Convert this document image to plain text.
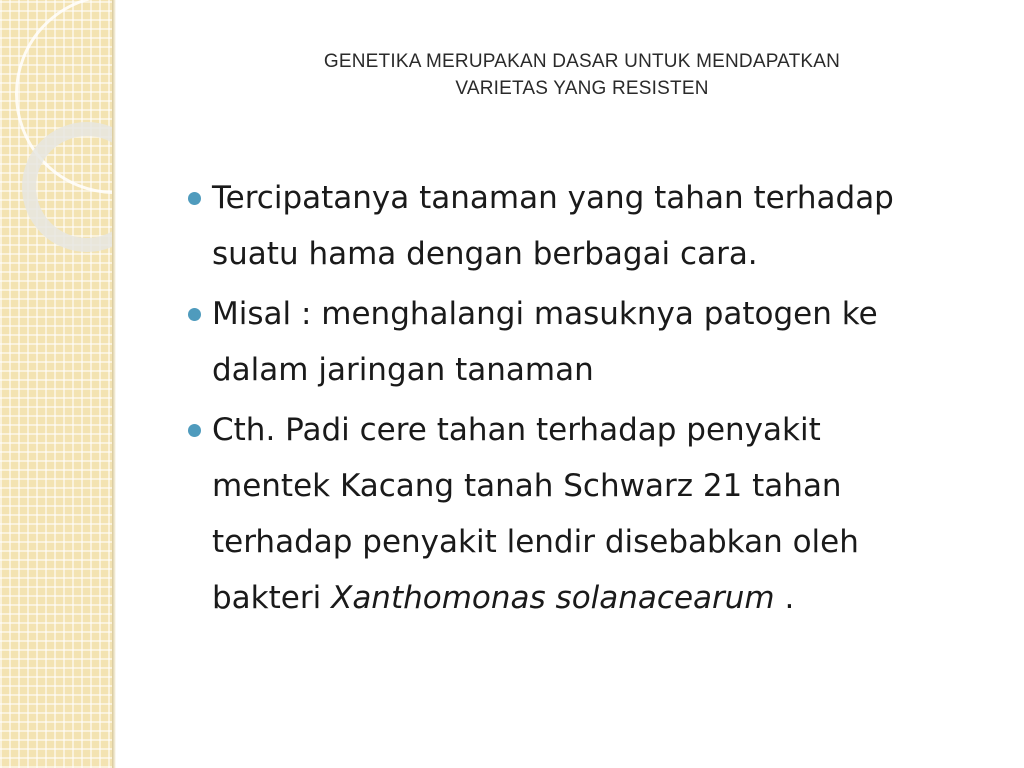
GENETIKA MERUPAKAN DASAR UNTUK MENDAPATKAN
VARIETAS YANG RESISTEN
Tercipatanya tanaman yang tahan terhadap
suatu hama dengan berbagai cara.
Misal : menghalangi masuknya patogen ke
dalam jaringan tanaman
Cth. Padi cere tahan terhadap penyakit
mentek Kacang tanah Schwarz 21 tahan
terhadap penyakit lendir disebabkan oleh
bakteri Xanthomonas solanacearum .
